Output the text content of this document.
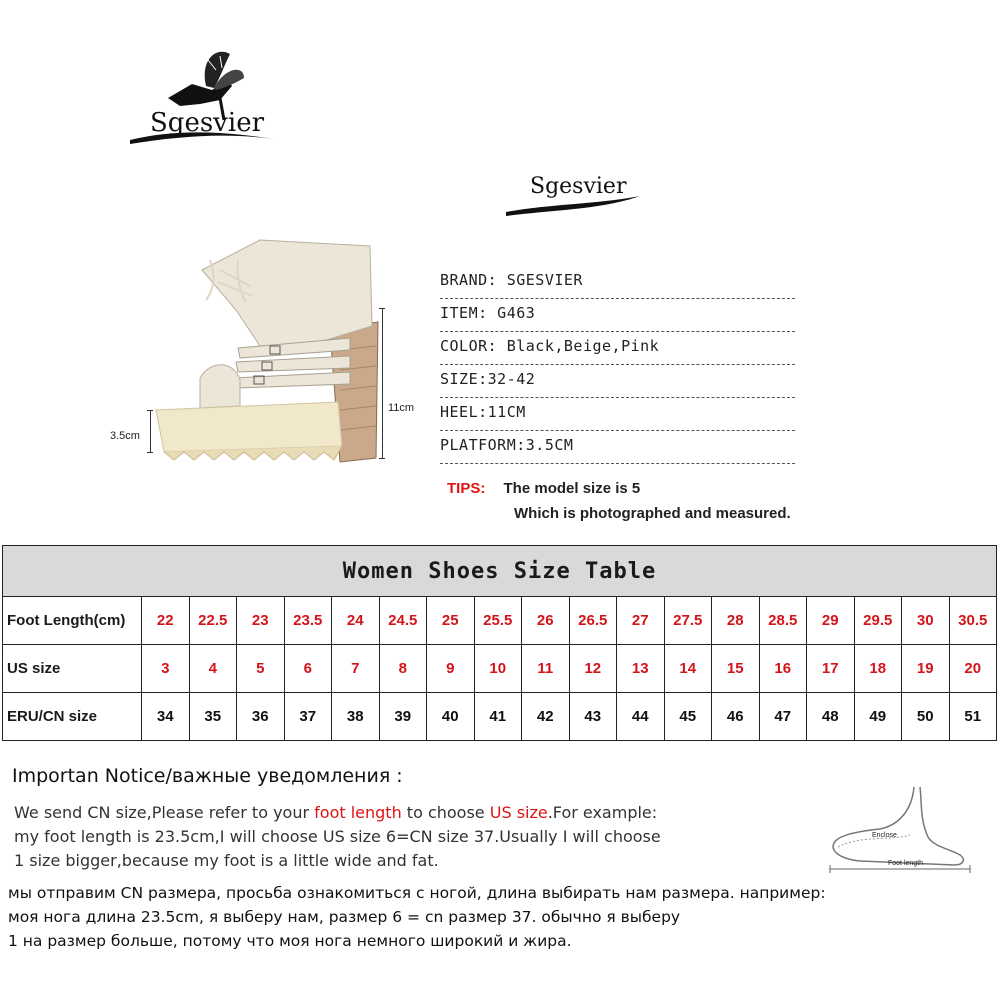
Sgesvier
Sgesvier
11cm
3.5cm
BRAND: SGESVIER
ITEM: G463
COLOR: Black,Beige,Pink
SIZE:32-42
HEEL:11CM
PLATFORM:3.5CM
TIPS: The model size is 5
Which is photographed and measured.
Women Shoes Size Table																		
Foot Length(cm)	22	22.5	23	23.5	24	24.5	25	25.5	26	26.5	27	27.5	28	28.5	29	29.5	30	30.5
US size	3	4	5	6	7	8	9	10	11	12	13	14	15	16	17	18	19	20
ERU/CN size	34	35	36	37	38	39	40	41	42	43	44	45	46	47	48	49	50	51
Importan Notice/важные уведомления :
We send CN size,Please refer to your foot length to choose US size.For example:
my foot length is 23.5cm,I will choose US size 6=CN size 37.Usually I will choose
1 size bigger,because my foot is a little wide and fat.
мы отправим CN размера, просьба ознакомиться с ногой, длина выбирать нам размера. например:
моя нога длина 23.5cm, я выберу нам, размер 6 = cn размер 37. обычно я выберу
1 на размер больше, потому что моя нога немного широкий и жира.
Enclose
Foot length
